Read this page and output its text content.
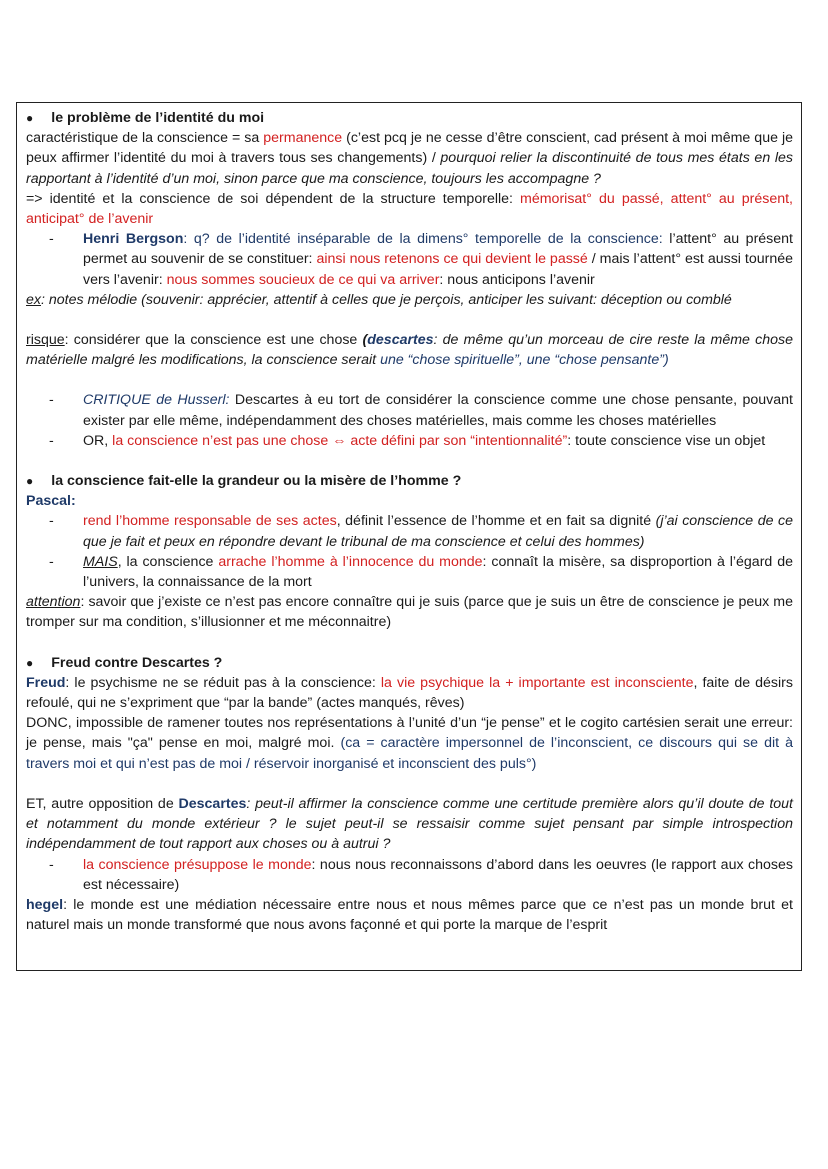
● le problème de l’identité du moi

caractéristique de la conscience = sa permanence (c’est pcq je ne cesse d’être conscient, cad présent à moi même que je peux affirmer l’identité du moi à travers tous ses changements) / pourquoi relier la discontinuité de tous mes états en les rapportant à l’identité d’un moi, sinon parce que ma conscience, toujours les accompagne ?

=> identité et la conscience de soi dépendent de la structure temporelle: mémorisat° du passé, attent° au présent, anticipat° de l’avenir

- Henri Bergson: q? de l’identité inséparable de la dimens° temporelle de la conscience: l’attent° au présent permet au souvenir de se constituer: ainsi nous retenons ce qui devient le passé / mais l’attent° est aussi tournée vers l’avenir: nous sommes soucieux de ce qui va arriver: nous anticipons l’avenir

ex: notes mélodie (souvenir: apprécier, attentif à celles que je perçois, anticiper les suivant: déception ou comblé

risque: considérer que la conscience est une chose (descartes: de même qu’un morceau de cire reste la même chose matérielle malgré les modifications, la conscience serait une “chose spirituelle”, une “chose pensante”)

- CRITIQUE de Husserl: Descartes à eu tort de considérer la conscience comme une chose pensante, pouvant exister par elle même, indépendamment des choses matérielles, mais comme les choses matérielles
- OR, la conscience n’est pas une chose ⇔ acte défini par son “intentionnalité”: toute conscience vise un objet

● la conscience fait-elle la grandeur ou la misère de l’homme ?

Pascal:

- rend l’homme responsable de ses actes, définit l’essence de l’homme et en fait sa dignité (j’ai conscience de ce que je fait et peux en répondre devant le tribunal de ma conscience et celui des hommes)
- MAIS, la conscience arrache l’homme à l’innocence du monde: connaît la misère, sa disproportion à l’égard de l’univers, la connaissance de la mort

attention: savoir que j’existe ce n’est pas encore connaître qui je suis (parce que je suis un être de conscience je peux me tromper sur ma condition, s’illusionner et me méconnaitre)

● Freud contre Descartes ?

Freud: le psychisme ne se réduit pas à la conscience: la vie psychique la + importante est inconsciente, faite de désirs refoulé, qui ne s’expriment que “par la bande” (actes manqués, rêves)

DONC, impossible de ramener toutes nos représentations à l’unité d’un “je pense” et le cogito cartésien serait une erreur: je pense, mais "ça" pense en moi, malgré moi. (ca = caractère impersonnel de l’inconscient, ce discours qui se dit à travers moi et qui n’est pas de moi / réservoir inorganisé et inconscient des puls°)

ET, autre opposition de Descartes: peut-il affirmer la conscience comme une certitude première alors qu’il doute de tout et notamment du monde extérieur ? le sujet peut-il se ressaisir comme sujet pensant par simple introspection indépendamment de tout rapport aux choses ou à autrui ?

- la conscience présuppose le monde: nous nous reconnaissons d’abord dans les oeuvres (le rapport aux choses est nécessaire)

hegel: le monde est une médiation nécessaire entre nous et nous mêmes parce que ce n’est pas un monde brut et naturel mais un monde transformé que nous avons façonné et qui porte la marque de l’esprit
